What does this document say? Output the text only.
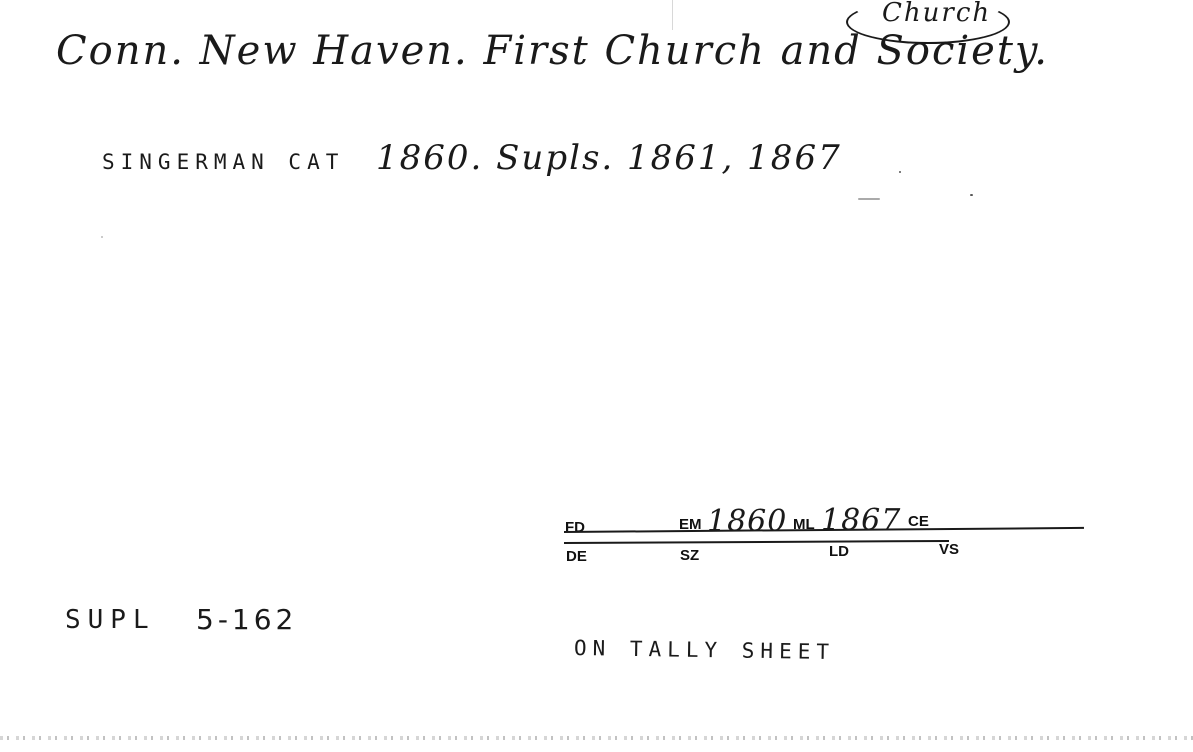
Conn. New Haven. First Church and Society.
Church
SINGERMAN CAT 1860. Supls. 1861, 1867
FD	EM 1860 ML 1867 CE
DE	SZ	LD	VS
SUPL 5-162
ON TALLY SHEET
